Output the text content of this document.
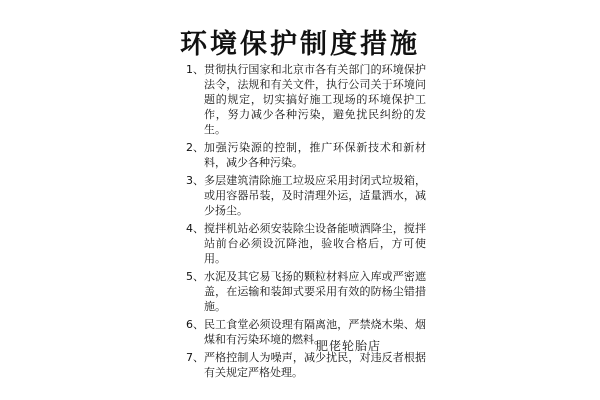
环境保护制度措施
1、 贯彻执行国家和北京市各有关部门的环境保护法令，法规和有关文件，执行公司关于环境问题的规定，切实搞好施工现场的环境保护工作，努力减少各种污染，避免扰民纠纷的发生。
2、 加强污染源的控制，推广环保新技术和新材料，减少各种污染。
3、 多层建筑清除施工垃圾应采用封闭式垃圾箱，或用容器吊装，及时清理外运，适量洒水，减少扬尘。
4、 搅拌机站必须安装除尘设备能喷洒降尘，搅拌站前台必须设沉降池，验收合格后，方可使用。
5、 水泥及其它易飞扬的颗粒材料应入库或严密遮盖，在运输和装卸式要采用有效的防杨尘错措施。
6、 民工食堂必须设理有隔离池，严禁烧木柴、烟煤和有污染环境的燃料。
7、 严格控制人为噪声，减少扰民，对违反者根据有关规定严格处理。
肥佬轮胎店
